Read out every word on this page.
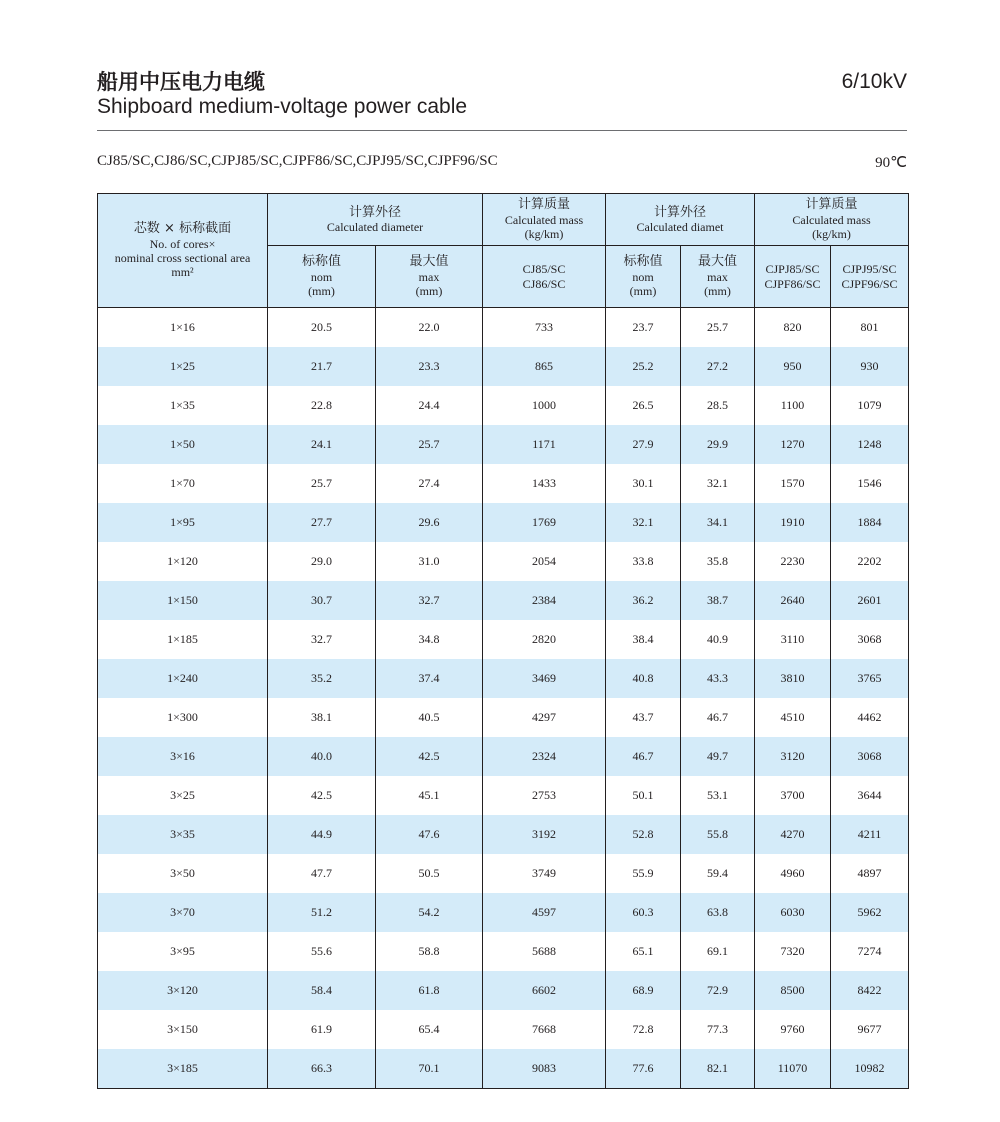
船用中压电力电缆
Shipboard medium-voltage power cable
6/10kV
CJ85/SC,CJ86/SC,CJPJ85/SC,CJPF86/SC,CJPJ95/SC,CJPF96/SC	90℃
芯数 × 标称截面
No. of cores×
nominal cross sectional area
mm²	计算外径
Calculated diameter		计算质量
Calculated mass
(kg/km)	计算外径
Calculated diamet		计算质量
Calculated mass
(kg/km)	

	标称值
nom
(mm)	最大值
max
(mm)	CJ85/SC
CJ86/SC	标称值
nom
(mm)	最大值
max
(mm)	CJPJ85/SC
CJPF86/SC	CJPJ95/SC
CJPF96/SC

1×16	20.5	22.0	733	23.7	25.7	820	801
1×25	21.7	23.3	865	25.2	27.2	950	930
1×35	22.8	24.4	1000	26.5	28.5	1100	1079
1×50	24.1	25.7	1171	27.9	29.9	1270	1248
1×70	25.7	27.4	1433	30.1	32.1	1570	1546
1×95	27.7	29.6	1769	32.1	34.1	1910	1884
1×120	29.0	31.0	2054	33.8	35.8	2230	2202
1×150	30.7	32.7	2384	36.2	38.7	2640	2601
1×185	32.7	34.8	2820	38.4	40.9	3110	3068
1×240	35.2	37.4	3469	40.8	43.3	3810	3765
1×300	38.1	40.5	4297	43.7	46.7	4510	4462
3×16	40.0	42.5	2324	46.7	49.7	3120	3068
3×25	42.5	45.1	2753	50.1	53.1	3700	3644
3×35	44.9	47.6	3192	52.8	55.8	4270	4211
3×50	47.7	50.5	3749	55.9	59.4	4960	4897
3×70	51.2	54.2	4597	60.3	63.8	6030	5962
3×95	55.6	58.8	5688	65.1	69.1	7320	7274
3×120	58.4	61.8	6602	68.9	72.9	8500	8422
3×150	61.9	65.4	7668	72.8	77.3	9760	9677
3×185	66.3	70.1	9083	77.6	82.1	11070	10982
